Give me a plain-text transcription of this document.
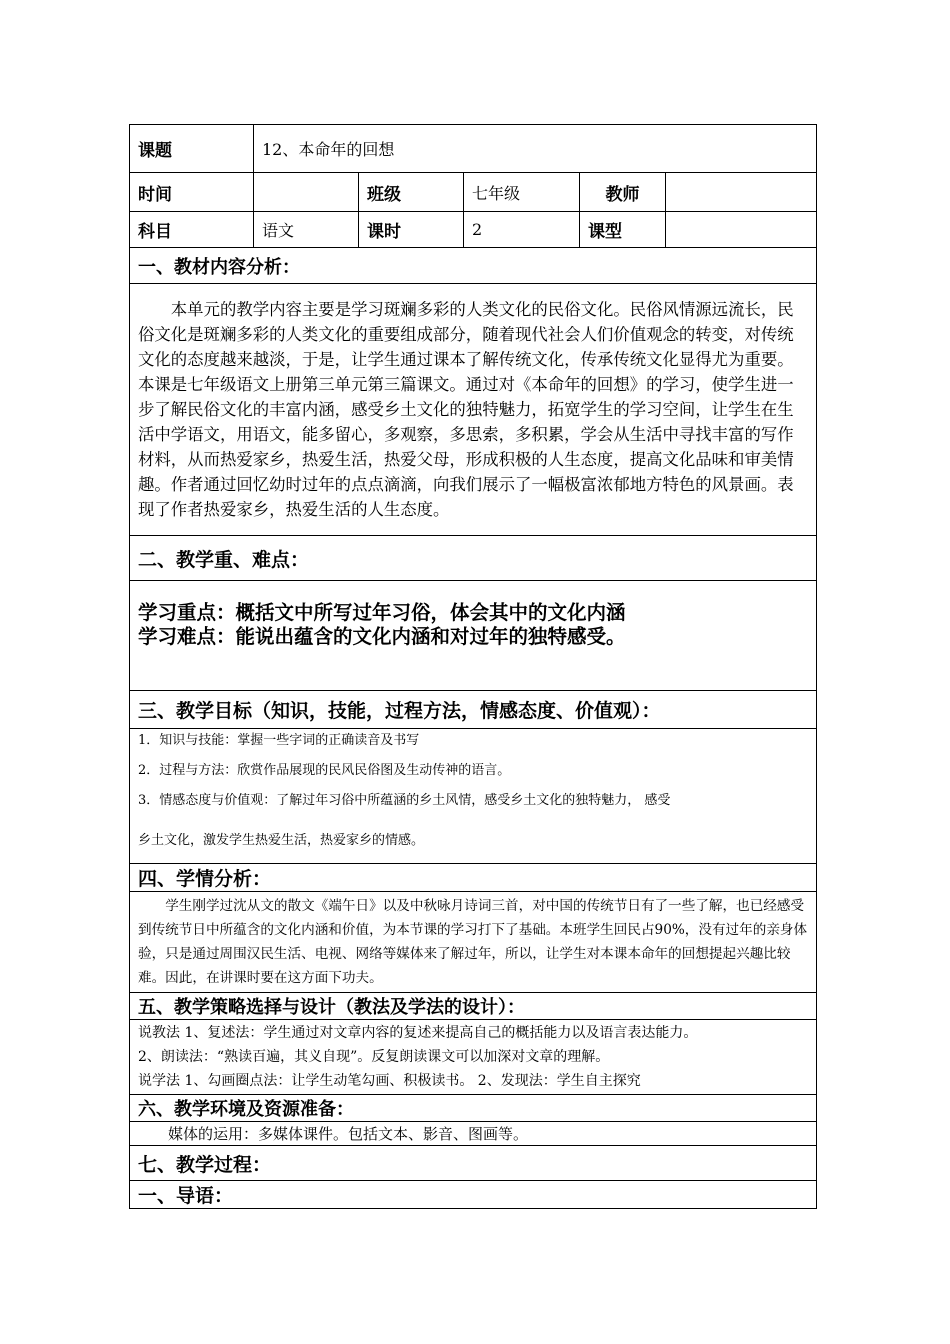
课题	12、本命年的回想				
时间		班级	七年级	教师	
科目	语文	课时	2	课型	
一、教材内容分析：					
本单元的教学内容主要是学习斑斓多彩的人类文化的民俗文化。民俗风情源远流长，民俗文化是斑斓多彩的人类文化的重要组成部分，随着现代社会人们价值观念的转变，对传统文化的态度越来越淡，于是，让学生通过课本了解传统文化，传承传统文化显得尤为重要。本课是七年级语文上册第三单元第三篇课文。通过对《本命年的回想》的学习，使学生进一步了解民俗文化的丰富内涵，感受乡土文化的独特魅力，拓宽学生的学习空间，让学生在生活中学语文，用语文，能多留心，多观察，多思索，多积累，学会从生活中寻找丰富的写作材料，从而热爱家乡，热爱生活，热爱父母，形成积极的人生态度，提高文化品味和审美情趣。作者通过回忆幼时过年的点点滴滴，向我们展示了一幅极富浓郁地方特色的风景画。表现了作者热爱家乡，热爱生活的人生态度。					
二、教学重、难点：					

学习重点：概括文中所写过年习俗，体会其中的文化内涵
学习难点：能说出蕴含的文化内涵和对过年的独特感受。					

三、教学目标（知识，技能，过程方法，情感态度、价值观）：					

1．知识与技能：掌握一些字词的正确读音及书写

2．过程与方法：欣赏作品展现的民风民俗图及生动传神的语言。

3．情感态度与价值观：了解过年习俗中所蕴涵的乡土风情，感受乡土文化的独特魅力， 感受

乡土文化，激发学生热爱生活，热爱家乡的情感。					

四、学情分析：					
学生刚学过沈从文的散文《端午日》以及中秋咏月诗词三首，对中国的传统节日有了一些了解，也已经感受到传统节日中所蕴含的文化内涵和价值，为本节课的学习打下了基础。本班学生回民占90%，没有过年的亲身体验，只是通过周围汉民生活、电视、网络等媒体来了解过年，所以，让学生对本课本命年的回想提起兴趣比较难。因此，在讲课时要在这方面下功夫。					
五、教学策略选择与设计（教法及学法的设计）：					

说教法 1、复述法：学生通过对文章内容的复述来提高自己的概括能力以及语言表达能力。

2、朗读法：“熟读百遍，其义自现”。反复朗读课文可以加深对文章的理解。

说学法 1、勾画圈点法：让学生动笔勾画、积极读书。 2、发现法：学生自主探究					

六、教学环境及资源准备：					
媒体的运用：多媒体课件。包括文本、影音、图画等。					
七、教学过程：					
一、导语：					
